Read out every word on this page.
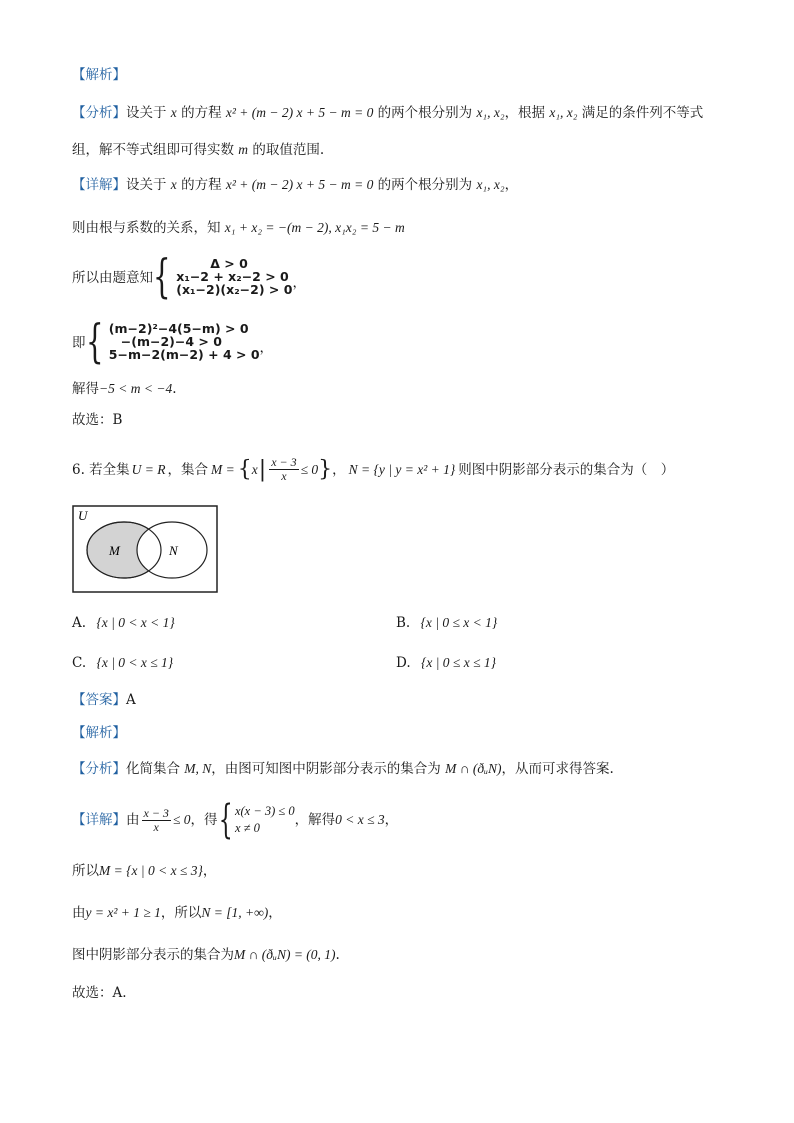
【解析】
【分析】设关于 x 的方程 x² + (m − 2) x + 5 − m = 0 的两个根分别为 x₁, x₂，根据 x₁, x₂ 满足的条件列不等式
组，解不等式组即可得实数 m 的取值范围.
【详解】设关于 x 的方程 x² + (m − 2) x + 5 − m = 0 的两个根分别为 x₁, x₂，
则由根与系数的关系，知 x₁ + x₂ = −(m − 2), x₁x₂ = 5 − m
所以由题意知 {	Δ > 0
x₁−2 + x₂−2 > 0
(x₁−2)(x₂−2) > 0 ，
即 { (m−2)²−4(5−m) > 0
−(m−2)−4 > 0
5−m−2(m−2) + 4 > 0 ，
解得−5 < m < −4.
故选：B
6. 若全集 U = R ，集合 M = { x | $\frac{x - 3}{x} \le 0$ } ， N = {y | y = x² + 1} 则图中阴影部分表示的集合为（　）
U
M	N
A. {x | 0 < x < 1}	B. {x | 0 ≤ x < 1}
C. {x | 0 < x ≤ 1}	D. {x | 0 ≤ x ≤ 1}
【答案】A
【解析】
【分析】化简集合 M, N，由图可知图中阴影部分表示的集合为 M ∩ (ðᵤN)，从而可求得答案.
【详解】 由 $\frac{x - 3}{x} \le 0$ ，得 { x(x − 3) ≤ 0
x ≠ 0	，解得 0 < x ≤ 3 ，
所以M = {x | 0 < x ≤ 3}，
由y = x² + 1 ≥ 1，所以N = [1, +∞)，
图中阴影部分表示的集合为M ∩ (ðᵤN) = (0, 1).
故选：A.
